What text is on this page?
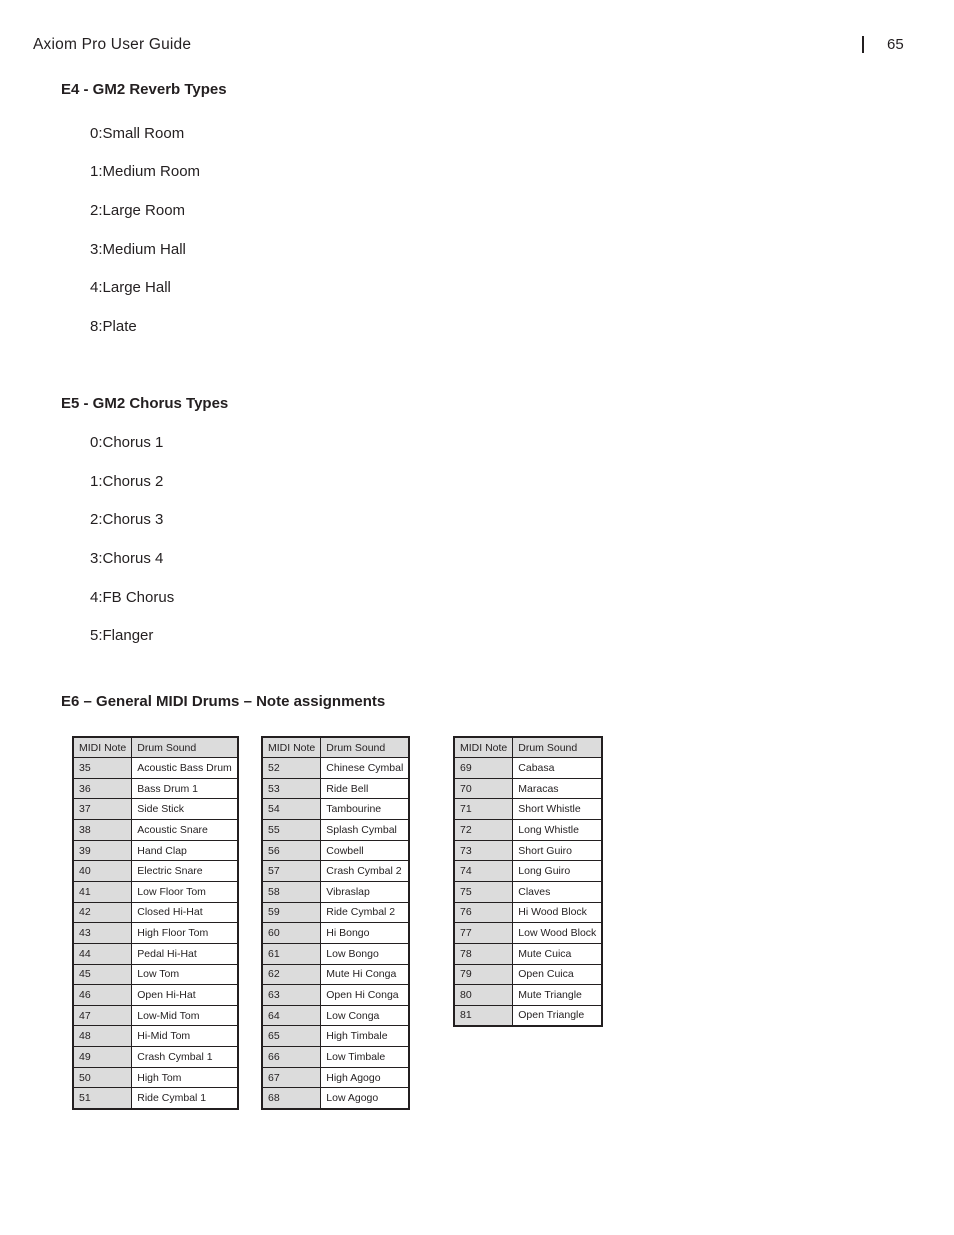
Axiom Pro User Guide	65
E4 - GM2 Reverb Types
0:Small Room
1:Medium Room
2:Large Room
3:Medium Hall
4:Large Hall
8:Plate
E5 - GM2 Chorus Types
0:Chorus 1
1:Chorus 2
2:Chorus 3
3:Chorus 4
4:FB Chorus
5:Flanger
E6 – General MIDI Drums – Note assignments
MIDI Note	Drum Sound
35	Acoustic Bass Drum
36	Bass Drum 1
37	Side Stick
38	Acoustic Snare
39	Hand Clap
40	Electric Snare
41	Low Floor Tom
42	Closed Hi-Hat
43	High Floor Tom
44	Pedal Hi-Hat
45	Low Tom
46	Open Hi-Hat
47	Low-Mid Tom
48	Hi-Mid Tom
49	Crash Cymbal 1
50	High Tom
51	Ride Cymbal 1
MIDI Note	Drum Sound
52	Chinese Cymbal
53	Ride Bell
54	Tambourine
55	Splash Cymbal
56	Cowbell
57	Crash Cymbal 2
58	Vibraslap
59	Ride Cymbal 2
60	Hi Bongo
61	Low Bongo
62	Mute Hi Conga
63	Open Hi Conga
64	Low Conga
65	High Timbale
66	Low Timbale
67	High Agogo
68	Low Agogo
MIDI Note	Drum Sound
69	Cabasa
70	Maracas
71	Short Whistle
72	Long Whistle
73	Short Guiro
74	Long Guiro
75	Claves
76	Hi Wood Block
77	Low Wood Block
78	Mute Cuica
79	Open Cuica
80	Mute Triangle
81	Open Triangle
